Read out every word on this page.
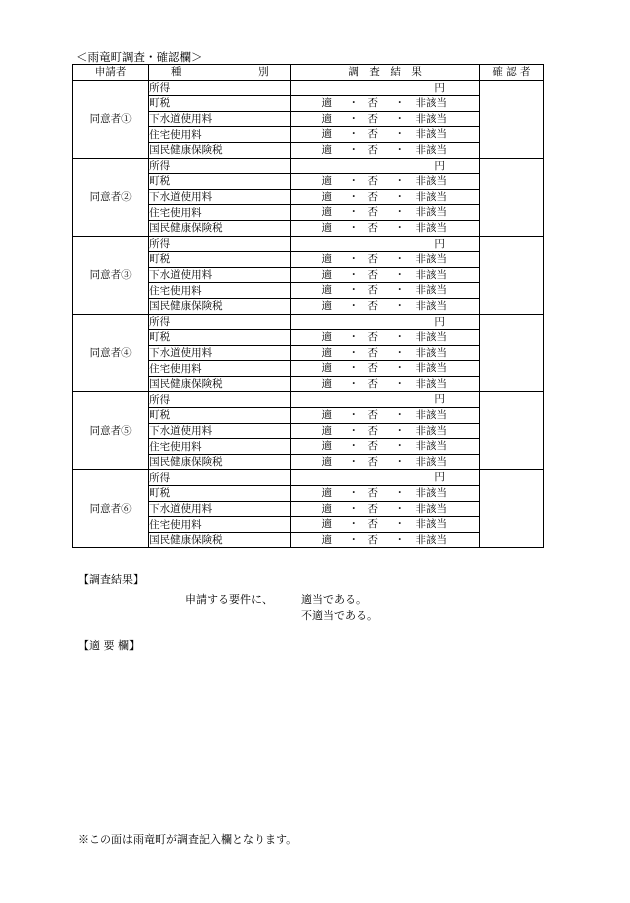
＜雨竜町調査・確認欄＞
申請者	種 別	調　査　結　果	確 認 者
同意者①	所得	円	

	町税	適 ・ 否 ・ 非該当	

	下水道使用料	適 ・ 否 ・ 非該当	

	住宅使用料	適 ・ 否 ・ 非該当	

	国民健康保険税	適 ・ 否 ・ 非該当	

同意者②	所得	円	

	町税	適 ・ 否 ・ 非該当	

	下水道使用料	適 ・ 否 ・ 非該当	

	住宅使用料	適 ・ 否 ・ 非該当	

	国民健康保険税	適 ・ 否 ・ 非該当	

同意者③	所得	円	

	町税	適 ・ 否 ・ 非該当	

	下水道使用料	適 ・ 否 ・ 非該当	

	住宅使用料	適 ・ 否 ・ 非該当	

	国民健康保険税	適 ・ 否 ・ 非該当	

同意者④	所得	円	

	町税	適 ・ 否 ・ 非該当	

	下水道使用料	適 ・ 否 ・ 非該当	

	住宅使用料	適 ・ 否 ・ 非該当	

	国民健康保険税	適 ・ 否 ・ 非該当	

同意者⑤	所得	円	

	町税	適 ・ 否 ・ 非該当	

	下水道使用料	適 ・ 否 ・ 非該当	

	住宅使用料	適 ・ 否 ・ 非該当	

	国民健康保険税	適 ・ 否 ・ 非該当	

同意者⑥	所得	円	

	町税	適 ・ 否 ・ 非該当	

	下水道使用料	適 ・ 否 ・ 非該当	

	住宅使用料	適 ・ 否 ・ 非該当	

	国民健康保険税	適 ・ 否 ・ 非該当	
【調査結果】
申請する要件に、	適当である。
不適当である。
【適 要 欄】
※この面は雨竜町が調査記入欄となります。
